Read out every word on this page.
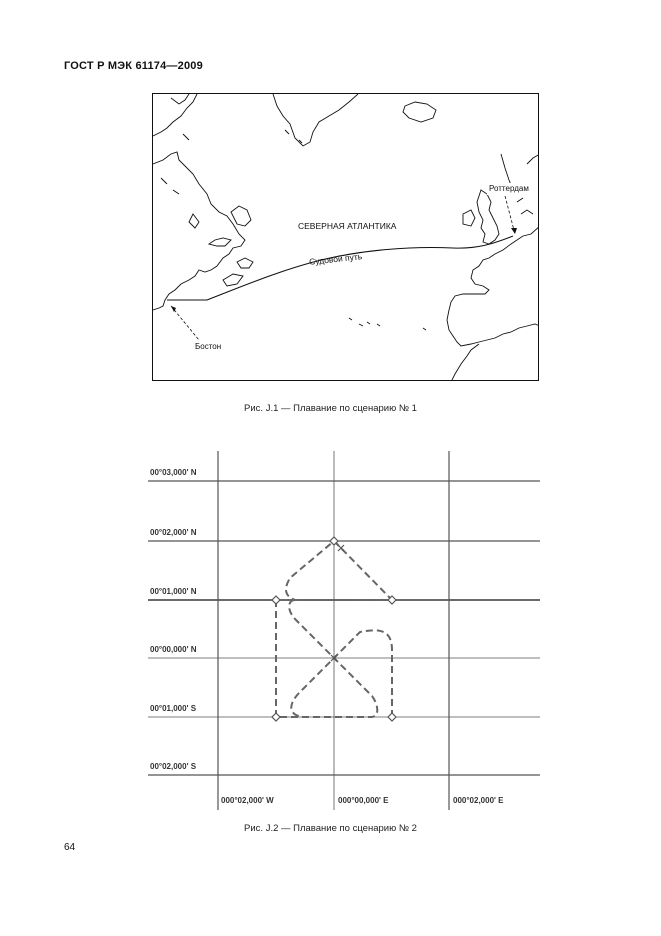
ГОСТ Р МЭК 61174—2009
СЕВЕРНАЯ АТЛАНТИКА
Судовой путь
Бостон
Роттердам
Рис. J.1 — Плавание по сценарию № 1
00°03,000' N
00°02,000' N
00°01,000' N
00°00,000' N
00°01,000' S
00°02,000' S
000°02,000' W	000°00,000' E	000°02,000' E
Рис. J.2 — Плавание по сценарию № 2
64
